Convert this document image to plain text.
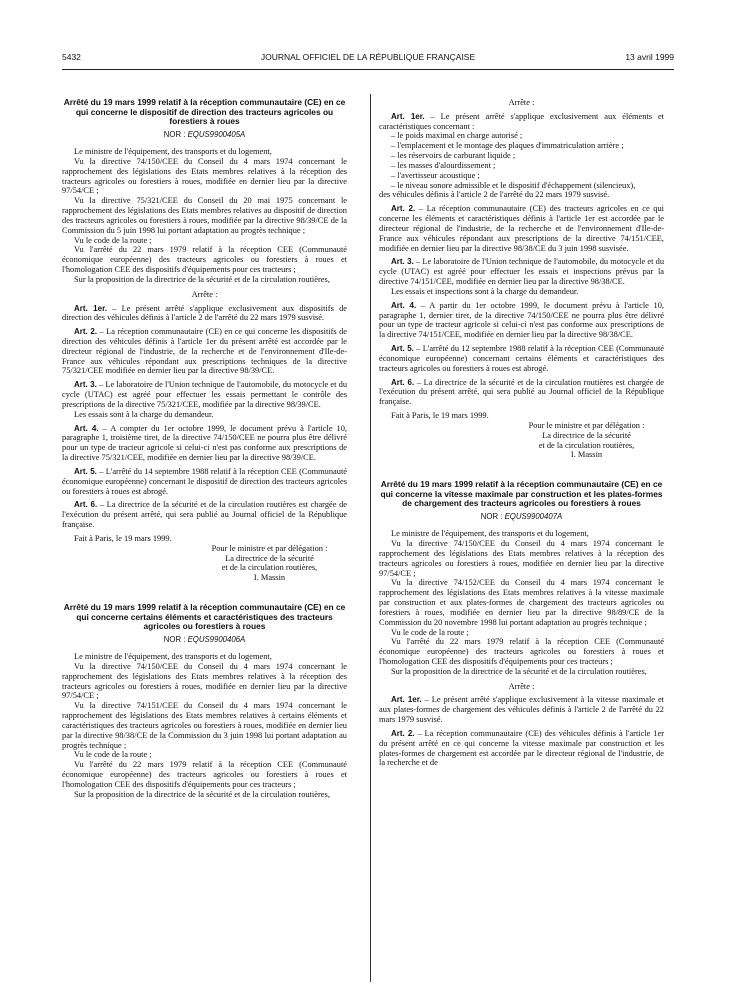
5432	JOURNAL OFFICIEL DE LA RÉPUBLIQUE FRANÇAISE	13 avril 1999
Arrêté du 19 mars 1999 relatif à la réception communautaire (CE) en ce qui concerne le dispositif de direction des tracteurs agricoles ou forestiers à roues
NOR : EQUS9900405A

Le ministre de l'équipement, des transports et du logement,

Vu la directive 74/150/CEE du Conseil du 4 mars 1974 concernant le rapprochement des législations des Etats membres relatives à la réception des tracteurs agricoles ou forestiers à roues, modifiée en dernier lieu par la directive 97/54/CE ;

Vu la directive 75/321/CEE du Conseil du 20 mai 1975 concernant le rapprochement des législations des Etats membres relatives au dispositif de direction des tracteurs agricoles ou forestiers à roues, modifiée par la directive 98/39/CE de la Commission du 5 juin 1998 lui portant adaptation au progrès technique ;

Vu le code de la route ;

Vu l'arrêté du 22 mars 1979 relatif à la réception CEE (Communauté économique européenne) des tracteurs agricoles ou forestiers à roues et l'homologation CEE des dispositifs d'équipements pour ces tracteurs ;

Sur la proposition de la directrice de la sécurité et de la circulation routières,

Arrête :

Art. 1er. – Le présent arrêté s'applique exclusivement aux dispositifs de direction des véhicules définis à l'article 2 de l'arrêté du 22 mars 1979 susvisé.

Art. 2. – La réception communautaire (CE) en ce qui concerne les dispositifs de direction des véhicules définis à l'article 1er du présent arrêté est accordée par le directeur régional de l'industrie, de la recherche et de l'environnement d'Ile-de-France aux véhicules répondant aux prescriptions techniques de la directive 75/321/CEE modifiée en dernier lieu par la directive 98/39/CE.

Art. 3. – Le laboratoire de l'Union technique de l'automobile, du motocycle et du cycle (UTAC) est agréé pour effectuer les essais permettant le contrôle des prescriptions de la directive 75/321/CEE, modifiée par la directive 98/39/CE.

Les essais sont à la charge du demandeur.

Art. 4. – A compter du 1er octobre 1999, le document prévu à l'article 10, paragraphe 1, troisième tiret, de la directive 74/150/CEE ne pourra plus être délivré pour un type de tracteur agricole si celui-ci n'est pas conforme aux prescriptions de la directive 75/321/CEE, modifiée en dernier lieu par la directive 98/39/CE.

Art. 5. – L'arrêté du 14 septembre 1988 relatif à la réception CEE (Communauté économique européenne) concernant le dispositif de direction des tracteurs agricoles ou forestiers à roues est abrogé.

Art. 6. – La directrice de la sécurité et de la circulation routières est chargée de l'exécution du présent arrêté, qui sera publié au Journal officiel de la République française.

Fait à Paris, le 19 mars 1999.

Pour le ministre et par délégation :

La directrice de la sécurité

et de la circulation routières,

I. Massin

Arrêté du 19 mars 1999 relatif à la réception communautaire (CE) en ce qui concerne certains éléments et caractéristiques des tracteurs agricoles ou forestiers à roues
NOR : EQUS9900406A

Le ministre de l'équipement, des transports et du logement,

Vu la directive 74/150/CEE du Conseil du 4 mars 1974 concernant le rapprochement des législations des Etats membres relatives à la réception des tracteurs agricoles ou forestiers à roues, modifiée en dernier lieu par la directive 97/54/CE ;

Vu la directive 74/151/CEE du Conseil du 4 mars 1974 concernant le rapprochement des législations des Etats membres relatives à certains éléments et caractéristiques des tracteurs agricoles ou forestiers à roues, modifiée en dernier lieu par la directive 98/38/CE de la Commission du 3 juin 1998 lui portant adaptation au progrès technique ;

Vu le code de la route ;

Vu l'arrêté du 22 mars 1979 relatif à la réception CEE (Communauté économique européenne) des tracteurs agricoles ou forestiers à roues et l'homologation CEE des dispositifs d'équipements pour ces tracteurs ;

Sur la proposition de la directrice de la sécurité et de la circulation routières,

Arrête :

Art. 1er. – Le présent arrêté s'applique exclusivement aux éléments et caractéristiques concernant :

– le poids maximal en charge autorisé ;
– l'emplacement et le montage des plaques d'immatriculation arrière ;
– les réservoirs de carburant liquide ;
– les masses d'alourdissement ;
– l'avertisseur acoustique ;
– le niveau sonore admissible et le dispositif d'échappement (silencieux),

des véhicules définis à l'article 2 de l'arrêté du 22 mars 1979 susvisé.

Art. 2. – La réception communautaire (CE) des tracteurs agricoles en ce qui concerne les éléments et caractéristiques définis à l'article 1er est accordée par le directeur régional de l'industrie, de la recherche et de l'environnement d'Ile-de-France aux véhicules répondant aux prescriptions de la directive 74/151/CEE, modifiée en dernier lieu par la directive 98/38/CE du 3 juin 1998 susvisée.

Art. 3. – Le laboratoire de l'Union technique de l'automobile, du motocycle et du cycle (UTAC) est agréé pour effectuer les essais et inspections prévus par la directive 74/151/CEE, modifiée en dernier lieu par la directive 98/38/CE.

Les essais et inspections sont à la charge du demandeur.

Art. 4. – A partir du 1er octobre 1999, le document prévu à l'article 10, paragraphe 1, dernier tiret, de la directive 74/150/CEE ne pourra plus être délivré pour un type de tracteur agricole si celui-ci n'est pas conforme aux prescriptions de la directive 74/151/CEE, modifiée en dernier lieu par la directive 98/38/CE.

Art. 5. – L'arrêté du 12 septembre 1988 relatif à la réception CEE (Communauté économique européenne) concernant certains éléments et caractéristiques des tracteurs agricoles ou forestiers à roues est abrogé.

Art. 6. – La directrice de la sécurité et de la circulation routières est chargée de l'exécution du présent arrêté, qui sera publié au Journal officiel de la République française.

Fait à Paris, le 19 mars 1999.

Pour le ministre et par délégation :

La directrice de la sécurité

et de la circulation routières,

I. Massin

Arrêté du 19 mars 1999 relatif à la réception communautaire (CE) en ce qui concerne la vitesse maximale par construction et les plates-formes de chargement des tracteurs agricoles ou forestiers à roues
NOR : EQUS9900407A

Le ministre de l'équipement, des transports et du logement,

Vu la directive 74/150/CEE du Conseil du 4 mars 1974 concernant le rapprochement des législations des Etats membres relatives à la réception des tracteurs agricoles ou forestiers à roues, modifiée en dernier lieu par la directive 97/54/CE ;

Vu la directive 74/152/CEE du Conseil du 4 mars 1974 concernant le rapprochement des législations des Etats membres relatives à la vitesse maximale par construction et aux plates-formes de chargement des tracteurs agricoles ou forestiers à roues, modifiée en dernier lieu par la directive 98/89/CE de la Commission du 20 novembre 1998 lui portant adaptation au progrès technique ;

Vu le code de la route ;

Vu l'arrêté du 22 mars 1979 relatif à la réception CEE (Communauté économique européenne) des tracteurs agricoles ou forestiers à roues et l'homologation CEE des dispositifs d'équipements pour ces tracteurs ;

Sur la proposition de la directrice de la sécurité et de la circulation routières,

Arrête :

Art. 1er. – Le présent arrêté s'applique exclusivement à la vitesse maximale et aux plates-formes de chargement des véhicules définis à l'article 2 de l'arrêté du 22 mars 1979 susvisé.

Art. 2. – La réception communautaire (CE) des véhicules définis à l'article 1er du présent arrêté en ce qui concerne la vitesse maximale par construction et les plates-formes de chargement est accordée par le directeur régional de l'industrie, de la recherche et de
